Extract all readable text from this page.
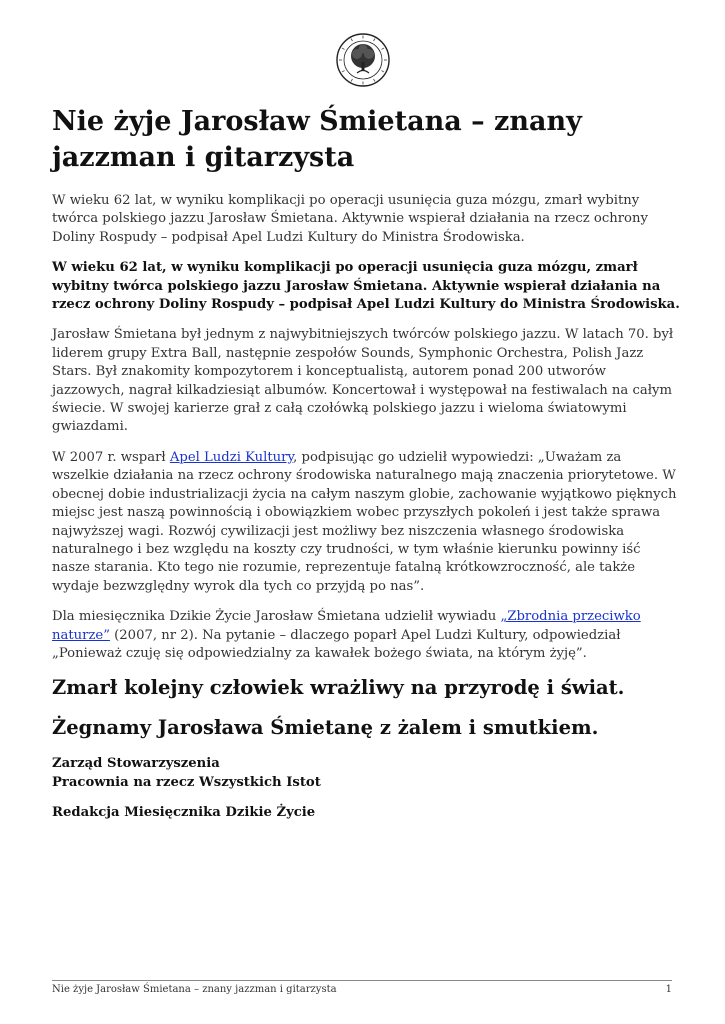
Nie żyje Jarosław Śmietana – znany jazzman i gitarzysta

W wieku 62 lat, w wyniku komplikacji po operacji usunięcia guza mózgu, zmarł wybitny twórca polskiego jazzu Jarosław Śmietana. Aktywnie wspierał działania na rzecz ochrony Doliny Rospudy – podpisał Apel Ludzi Kultury do Ministra Środowiska.

W wieku 62 lat, w wyniku komplikacji po operacji usunięcia guza mózgu, zmarł wybitny twórca polskiego jazzu Jarosław Śmietana. Aktywnie wspierał działania na rzecz ochrony Doliny Rospudy – podpisał Apel Ludzi Kultury do Ministra Środowiska.

Jarosław Śmietana był jednym z najwybitniejszych twórców polskiego jazzu. W latach 70. był liderem grupy Extra Ball, następnie zespołów Sounds, Symphonic Orchestra, Polish Jazz Stars. Był znakomity kompozytorem i konceptualistą, autorem ponad 200 utworów jazzowych, nagrał kilkadziesiąt albumów. Koncertował i występował na festiwalach na całym świecie. W swojej karierze grał z całą czołówką polskiego jazzu i wieloma światowymi gwiazdami.

W 2007 r. wsparł Apel Ludzi Kultury, podpisując go udzielił wypowiedzi: „Uważam za wszelkie działania na rzecz ochrony środowiska naturalnego mają znaczenia priorytetowe. W obecnej dobie industrializacji życia na całym naszym globie, zachowanie wyjątkowo pięknych miejsc jest naszą powinnością i obowiązkiem wobec przyszłych pokoleń i jest także sprawa najwyższej wagi. Rozwój cywilizacji jest możliwy bez niszczenia własnego środowiska naturalnego i bez względu na koszty czy trudności, w tym właśnie kierunku powinny iść nasze starania. Kto tego nie rozumie, reprezentuje fatalną krótkowzroczność, ale także wydaje bezwzględny wyrok dla tych co przyjdą po nas”.

Dla miesięcznika Dzikie Życie Jarosław Śmietana udzielił wywiadu „Zbrodnia przeciwko naturze” (2007, nr 2). Na pytanie – dlaczego poparł Apel Ludzi Kultury, odpowiedział „Ponieważ czuję się odpowiedzialny za kawałek bożego świata, na którym żyję”.

Zmarł kolejny człowiek wrażliwy na przyrodę i świat.
Żegnamy Jarosława Śmietanę z żalem i smutkiem.

Zarząd Stowarzyszenia
Pracownia na rzecz Wszystkich Istot

Redakcja Miesięcznika Dzikie Życie

Nie żyje Jarosław Śmietana – znany jazzman i gitarzysta	1
